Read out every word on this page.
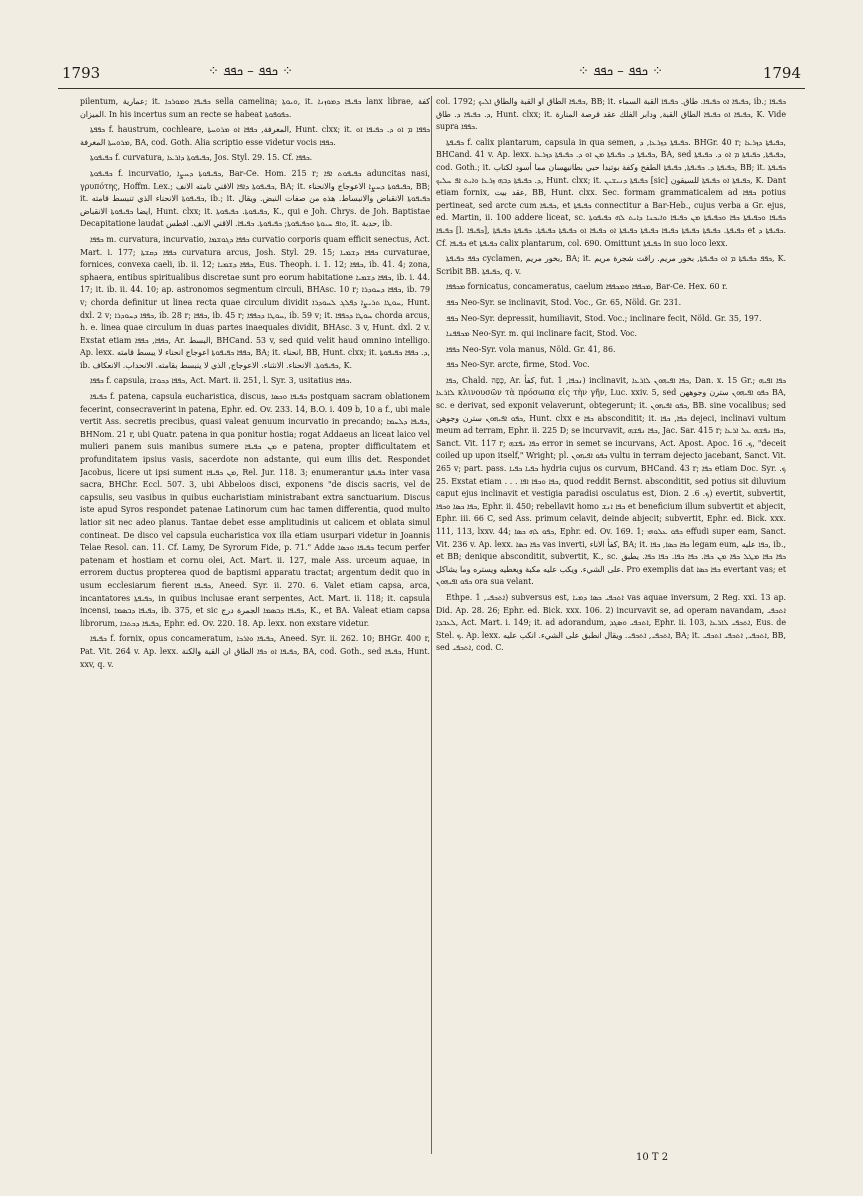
1793	⁘ ܟܦܦ – ܟܦܦ ⁘	⁘ ܟܦܦ – ܟܦܦ ⁘	1794

pilentum, عمارية; it. ܟܦܝܦܐ ܘܡܘܪܟܐ sella camelina; ܘܝܘܬܐ, it. ܟܦܝܦܐ ܕܡܘܙܢܐ lanx librae, كفة الميزان. In his incertus sum an recte se habeat ܟܦܘܦܘܬܐ.

ܟܦܦܬܐ f. haustrum, cochleare, المغرفة, ܟܦܦܐ ܐܘ ܡܪܘܚܬܐ, Hunt. clxx; it. ܟܦܦܐ ܡ ܐܘ ܕ. ܟܦܝܦܐ ܐܘ ܡܪܘܚܬܐ المغرفة, BA, cod. Goth. Alia scriptio esse videtur vocis ܟܦܦܐ.

ܟܦܝܦܘܬܐ f. curvatura, ܟܦܝܦܘܬܐ ܕܐܪܥܐ, Jos. Styl. 29. 15. Cf. ܟܦܦܐ.

ܟܦܝܦܘܬܐ f. incurvatio, ܟܦܝܦܘܬܐ ܕܚܨܐ, Bar-Ce. Hom. 215 r; ܟܦܝܦܘܬ ܐܦܐ aduncitas nasi, γρυπότης, Hoffm. Lex.; ܟܦܝܦܘܬܐ ܕܐܦܐ الاقني تامته الانف, BA; it. ܟܦܝܦܘܬܐ ܕܚܨܐ الاعوجاج والانحناء, BB; it. ܟܦܝܦܘܬܐ الانحناء الذي تنبسط قامته, ib.; it. ܟܦܝܦܘܬܐ الانقباض والانبساط. هذه من صفات النبض. ويقال ايضا ܟܦܝܦܘܬܐ الانقباض, Hunt. clxx; it. ܟܦܝܦܘܬܐ. ܟܦܝܦܘܬܐ, K., qui e Joh. Chrys. de Joh. Baptistae Decapitatione laudat ܘܐܦ ܚܝܘܬܐ ܘܟܦܝܦܘܬܐ; ܟܦܝܦܘܬܐ. ܟܦܝܦܐ. الاقني الانف. افطس, it. حدبة, ib.

ܟܦܦܐ m. curvatura, incurvatio, ܟܦܦܐ ܕܓܘܫܡܐ curvatio corporis quam efficit senectus, Act. Mart. i. 177; ܟܦܦܐ ܕܩܫܬܐ curvatura arcus, Josh. Styl. 29. 15; ܟܦܦܐ ܕܫܡܝܐ curvaturae, fornices, convexa caeli, ib. ii. 12; ܟܦܦܐ ܕܫܡܝܐ, Eus. Theoph. i. 1. 12; ܟܦܦܐ, ib. 41. 4; zona, sphaera, entibus spiritualibus discretae sunt pro eorum habitatione ܟܦܦܐ ܕܫܡܝܐ, ib. i. 44. 17; it. ib. ii. 44. 10; ap. astronomos segmentum circuli, BHAsc. 10 r; ܟܦܦܐ ܕܚܘܕܪܐ, ib. 79 v; chorda definitur ut linea recta quae circulum dividit ܚܘܛܐ ܬܪܝܨܐ ܕܦܠܓ ܠܚܘܕܪܐ, Hunt. dxl. 2 v; ܟܦܦܐ ܕܚܘܕܪܐ, ib. 28 r; ܟܦܦܐ, ib. 45 r; ܚܘܛܐ ܕܟܦܦܐ, ib. 59 v; it. ܚܘܛܐ ܕܟܦܦܐ chorda arcus, h. e. linea quae circulum in duas partes inaequales dividit, BHAsc. 3 v, Hunt. dxl. 2 v. Exstat etiam ܟܦܦܐ, ܟܦܦܐ, Ar. البسط, BHCand. 53 v, sed quid velit haud omnino intelligo. Ap. lexx. ܟܦܦܐ ܟܦܝܦܘܬܐ اعوجاج انحناء لا يبسط قامته, BA; it. انحناء, BB, Hunt. clxx; it. ܕ. ܟܦܦܐ ܟܦܝܦܘܬܐ, ib. ܟܦܝܦܘܬܐ. الانحناء. الانثناء. الاعوجاج, الذي لا ينبسط بقامته. الانحداب. الانعكاف, K.

ܟܦܦܐ f. capsula, ܟܦܦܐ ܕܟܘܫܐ, Act. Mart. ii. 251, l. Syr. 3, usitatius ܟܦܦܐ.

ܟܦܝܦܐ f. patena, capsula eucharistica, discus, ܟܦܝܦܐ ܘܟܣܐ postquam sacram oblationem fecerint, consecraverint in patena, Ephr. ed. Ov. 233. 14, B.O. i. 409 b, 10 a f., ubi male vertit Ass. secretis precibus, quasi valeat genuum incurvatio in precando; ܟܦܝܦܐ ܕܠܚܡܐ, BHNom. 21 r, ubi Quatr. patena in qua ponitur hostia; rogat Addaeus an liceat laico vel mulieri panem suis manibus sumere ܡܢ ܟܦܝܦܐ e patena, propter difficultatem et profunditatem ipsius vasis, sacerdote non adstante, qui eum illis det. Respondet Jacobus, licere ut ipsi sument ܡܢ ܟܦܝܦܐ, Rel. Jur. 118. 3; enumerantur ܟܦܝܦܬܐ inter vasa sacra, BHChr. Eccl. 507. 3, ubi Abbeloos disci, exponens "de discis sacris, vel de capsulis, seu vasibus in quibus eucharistiam ministrabant extra sanctuarium. Discus iste apud Syros respondet patenae Latinorum cum hac tamen differentia, quod multo latior sit nec adeo planus. Tantae debet esse amplitudinis ut calicem et oblata simul contineat. De disco vel capsula eucharistica vox illa etiam usurpari videtur in Joannis Telae Resol. can. 11. Cf. Lamy, De Syrorum Fide, p. 71." Adde ܟܦܝܦܐ ܘܟܣܐ tecum perfer patenam et hostiam et cornu olei, Act. Mart. ii. 127, male Ass. urceum aquae, in errorem ductus propterea quod de baptismi apparatu tractat; argentum dedit quo in usum ecclesiarum fierent ܟܦܝܦܐ, Aneed. Syr. ii. 270. 6. Valet etiam capsa, arca, incantatores ܟܦܝܦܬܐ, in quibus inclusae erant serpentes, Act. Mart. ii. 118; it. capsula incensi, ܟܦܝܦܐ ܕܒܣܡܐ, ib. 375, et sic ܟܦܝܦܐ ܕܒܣܡܐ الجمرة درج, K., et BA. Valeat etiam capsa librorum, ܟܦܝܦܐ ܕܟܬܒܐ, Ephr. ed. Ov. 220. 18. Ap. lexx. non exstare videtur.

ܟܦܝܦܐ f. fornix, opus concameratum, ܟܦܝܦܐ ܘܐܪܟܐ, Aneed. Syr. ii. 262. 10; BHGr. 400 r, Pat. Vit. 264 v. Ap. lexx. ܟܦܝܦܐ ܐܘ ܟܦܐ الطاق ان القبة والكنة, BA, cod. Goth., sed ܟܦܝܦܐ, Hunt. xxv, q. v.

col. 1792; ܟܦܝܦܐ الطاق او القبة والطاق ܐܠܝܟ, BB; it. ܟܦܝܦܐ ܐܘ ܟܦܝܦܐ. طاق. ܟܦܝܦܐ القبة السماء, ib.; ܟܦܝܦܐ ܕ. ܟܦܝܦܐ ܕ. طاق, Hunt. clxx; it. ܟܦܝܦܐ ܐܘ ܟܦܝܦܐ الطاق القبة, ودابر الفلك عقد قرصة المنارة, K. Vide supra ܟܦܦܐ.

ܟܦܝܦܬܐ f. calix plantarum, capsula in qua semen, ܟܦܝܦܬܐ ܕܙܪܥܐ, ܕ. BHGr. 40 r; ܟܦܝܦܬܐ ܕܙܪܥܐ, BHCand. 41 v. Ap. lexx. ܟܦܝܦܬܐ ܕ. ܟܦܝܦܬܐ ܡܢ ܐܘ ܕ. ܟܦܝܦܬܐ ܕܙܪܥܐ, BA, sed ܟܦܝܦܬܐ, ܟܦܝܦܬܐ ܡ ܐܘ ܕ. ܟܦܝܦܬܐ, cod. Goth.; it. ܟܦܝܦܬܐ ܕ. ܟܦܝܦܬܐ, ܟܦܝܦܬܐ الطفح وكفة بوتبدا حبي بطانيهسان مما أسود لكتاب, BB; it. ܟܦܝܦܬܐ ܕ. ܟܦܝܦܬܐ ܕܒܗ ܙܪܥܐ ܘܐܝܬ ܐܦ ܚܠܝܟ, Hunt. clxx; it. ܟܦܝܦܬܐ ܕܢܝܫܝܢ [sic] ܟܦܝܦܬܐ ܐܘ ܟܦܝܦܬܐ للسيقون, K. Dant etiam fornix, عقد بيت, BB, Hunt. clxx. Sec. formam grammaticalem ad ܟܦܦܐ potius pertineat, sed arcte cum ܟܦܝܦܐ, et ܟܦܝܦܬܐ connectitur a Bar-Heb., cujus verba a Gr. ejus, ed. Martin, ii. 100 addere liceat, sc. ܟܦܝܦܐ ܘܟܦܝܦܬܐ ܟܦܐ ܘܟܦܝܦܬܐ ܡܢ ܟܦܝܦܐ ܘܐܝܟܢܐ ܕܐܝܬ ܠܗ ܟܦܝܦܘܬܐ ܟܦܝܦܐ [l. ܟܦܝܦܐ], ܟܦܝܦܬܐ. ܟܦܝܦܬܐ ܟܦܝܦܬܐ ܟܦܝܦܐ ܟܦܝܦܬܐ ܟܦܝܦܬܐ ܐܘ ܟܦܝܦܐ ܐܘ ܟܦܝܦܬܐ ܟܦܝܦܬܐ. ܟܦܝܦܬܐ ܟܦܝܦܬܐ et ܟܦܝܦܬܐ ܕ. Cf. ܟܦܝܦܐ et ܟܦܝܦܬܐ calix plantarum, col. 690. Omittunt ܟܦܝܦܬܐ in suo loco lexx.

ܟܦܦ ܟܦܝܦܬܐ cyclamen, بخور مريم, BA; it. ܟܦܦ ܟܦܝܦܬܐ ܡ ܐܘ ܟܦܝܦܬܐ, بخور مريم. راقت شجرة مريم, K. Scribit BB. ܟܦܝܦܬܐ, q. v.

ܡܟܦܦܐ fornicatus, concameratus, caelum ܡܟܦܦܐ ܘܡܟܦܦܐ, Bar-Ce. Hex. 60 r.

ܟܦܦ Neo-Syr. se inclinavit, Stod. Voc., Gr. 65, Nöld. Gr. 231.

ܟܦܦ Neo-Syr. depressit, humiliavit, Stod. Voc.; inclinare fecit, Nöld. Gr. 35, 197.

ܡܟܦܦܢܐ Neo-Syr. m. qui inclinare facit, Stod. Voc.

ܟܦܦܐ Neo-Syr. vola manus, Nöld. Gr. 41, 86.

ܟܦܦ Neo-Syr. arcte, firme, Stod. Voc.

ܟܦܐ, Chald. כָּפָה, Ar. كفأ, fut. ܢܟܦܐ, 1) inclinavit, ܟܦܐ ܐܦܝܗܘܢ ܠܐܪܥܐ, Dan. x. 15 Gr.; ܟܦܐ ܐܦܝܗ ܠܐܪܥܐ κλινουσῶν τὰ πρόσωπα εἰς τὴν γῆν, Luc. xxiv. 5, sed ܟܦܘ ܐܦܝܗܘܢ سترن وجوههن BA, sc. e derivat, sed exponit velaverunt, obtegerunt; it. ܟܦܘ ܐܦܝܗܘܢ, BB. sine vocalibus; sed ܟܦܘ ܐܦܝܗܘܢ سترن وجوهن, Hunt. clxx e ܟܦܐ absconditit; it. ܟܦܐ, ܟܦܐ dejeci, inclinavi vultum meum ad terram, Ephr. ii. 225 D; se incurvavit, ܟܦܐ ܢܦܫܗ, Jac. Sar. 415 r; ܟܦܐ ܢܦܫܗ ܥܠ ܐܪܥܐ, Sanct. Vit. 117 r; ܟܦܐ ܢܦܫܗ error in semet se incurvans, Act. Apost. Apoc. ܟ. 16, "deceit coiled up upon itself," Wright; pl. ܟܦܘ ܐܦܝܗܘܢ vultu in terram dejecto jacebant, Sanct. Vit. 265 v; part. pass. ܟܦܝܐ ܟܦܝܐ hydria cujus os curvum, BHCand. 43 r; ܟܦܐ etiam Doc. Syr. ܟ. 25. Exstat etiam . . . ܟܦܐ ܘܟܦܐ ܐܦܐ, quod reddit Bernst. absconditit, sed potius sit diluvium caput ejus inclinavit et vestigia paradisi osculatus est, Dion. ܟ. 6. 2) evertit, subvertit, ܟܦܐ ܟܣܐ ܘܟܦܐ, Ephr. ii. 450; rebellavit homo ܟܦܐ ܐܢܫ et beneficium illum subvertit et abjecit, Ephr. iii. 66 C, sed Ass. primum celavit, deinde abjecit; subvertit, Ephr. ed. Bick. xxx. 111, 113, lxxv. 44; ܟܦܘ ܠܗ ܟܣܐ, Ephr. ed. Ov. 169. 1; ܟܦܘ ܥܠܘܗܝ effudi super eam, Sanct. Vit. 236 v. Ap. lexx. ܟܦܐ ܟܣܐ vas inverti, كفأ الاناء, BA; it. ܟܦܐ ܟܣܐ, ܟܦܐ legam eum, ܟܦܐ عليه, ib., et BB; denique absconditit, subvertit, K., sc. ܟܦܐ ܟܦܐ ܡܛܠ ܟܦܐ ܡܢ ܟܦܐ. ܟܦܐ ܟܦܐ. ܟܦܐ ܟܦܐ. يطبق على الشيء. ويكب عليه مكبة ويغطيه ويستره وما يشاكل. Pro exemplis dat ܟܦܐ ܟܣܐ evertant vas; et ܟܦܘ ܐܦܝܗܘܢ ora sua velant.

Ethpe. ܐܬܟܦܝ, 1) subversus est, ܐܬܟܦܝ ܟܣܐ ܕܡܝܐ vas aquae inversum, 2 Reg. xxi. 13 ap. Did. Ap. 28. 26; Ephr. ed. Bick. xxx. 106. 2) incurvavit se, ad operam navandam, ܐܬܟܦܝ ܠܥܒܕܐ, Act. Mart. i. 149; it. ad adorandum, ܐܬܟܦܝ ܘܣܓܕ, Ephr. ii. 103, ܐܬܟܦܝ ܠܐܪܥܐ, Eus. de Stel. ܟ. Ap. lexx. ܐܬܟܦܝ, ܐܬܟܦܝ. ويقال انطبق على الشيء. انكب عليه, BA; it. ܐܬܟܦܝ, ܐܬܟܦܝ ܐܬܟܦܝ, BB, sed ܐܬܟܦܝ, cod. C.

10 T 2
